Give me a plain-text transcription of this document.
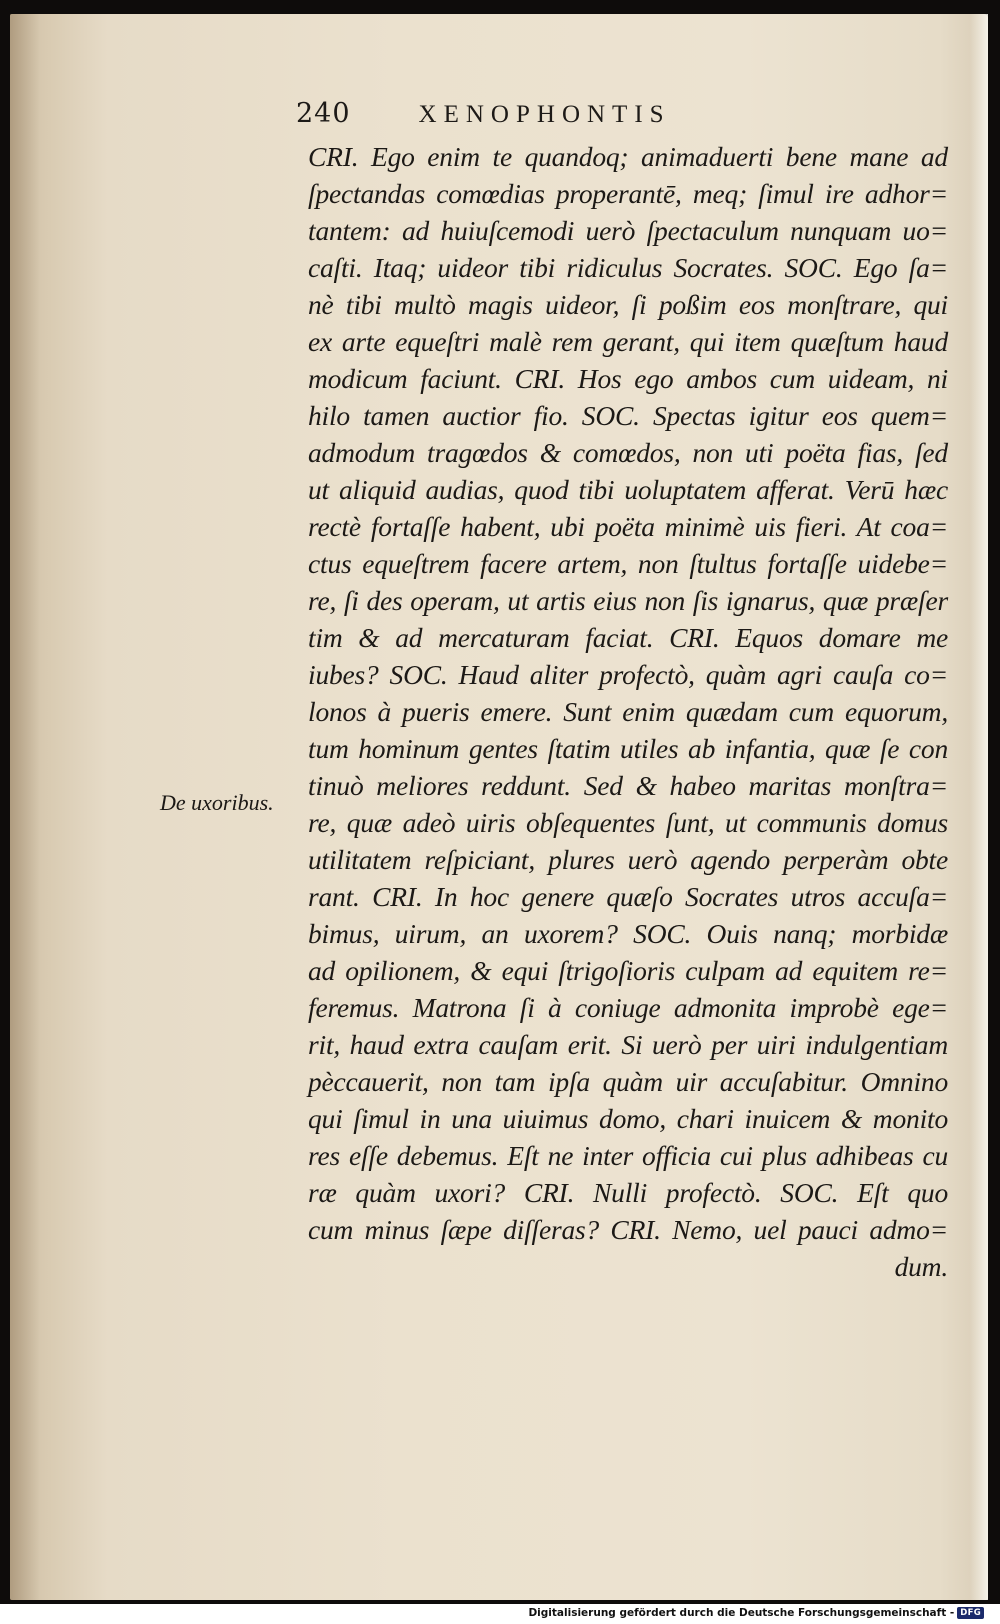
240	XENOPHONTIS
De uxoribus.
CRI. Ego enim te quandoq; animaduerti bene mane ad
ſpectandas comœdias properantē, meq; ſimul ire adhor=
tantem: ad huiuſcemodi uerò ſpectaculum nunquam uo=
caſti. Itaq; uideor tibi ridiculus Socrates. SOC. Ego ſa=
nè tibi multò magis uideor, ſi poßim eos monſtrare, qui
ex arte equeſtri malè rem gerant, qui item quæſtum haud
modicum faciunt. CRI. Hos ego ambos cum uideam, ni
hilo tamen auctior fio. SOC. Spectas igitur eos quem=
admodum tragœdos & comœdos, non uti poëta fias, ſed
ut aliquid audias, quod tibi uoluptatem afferat. Verū hæc
rectè fortaſſe habent, ubi poëta minimè uis fieri. At coa=
ctus equeſtrem facere artem, non ſtultus fortaſſe uidebe=
re, ſi des operam, ut artis eius non ſis ignarus, quæ præſer
tim & ad mercaturam faciat. CRI. Equos domare me
iubes? SOC. Haud aliter profectò, quàm agri cauſa co=
lonos à pueris emere. Sunt enim quædam cum equorum,
tum hominum gentes ſtatim utiles ab infantia, quæ ſe con
tinuò meliores reddunt. Sed & habeo maritas monſtra=
re, quæ adeò uiris obſequentes ſunt, ut communis domus
utilitatem reſpiciant, plures uerò agendo perperàm obte
rant. CRI. In hoc genere quæſo Socrates utros accuſa=
bimus, uirum, an uxorem? SOC. Ouis nanq; morbidæ
ad opilionem, & equi ſtrigoſioris culpam ad equitem re=
feremus. Matrona ſi à coniuge admonita improbè ege=
rit, haud extra cauſam erit. Si uerò per uiri indulgentiam
pèccauerit, non tam ipſa quàm uir accuſabitur. Omnino
qui ſimul in una uiuimus domo, chari inuicem & monito
res eſſe debemus. Eſt ne inter officia cui plus adhibeas cu
ræ quàm uxori? CRI. Nulli profectò. SOC. Eſt quo
cum minus ſæpe diſſeras? CRI. Nemo, uel pauci admo=
dum.
Digitalisierung gefördert durch die Deutsche Forschungsgemeinschaft - DFG
